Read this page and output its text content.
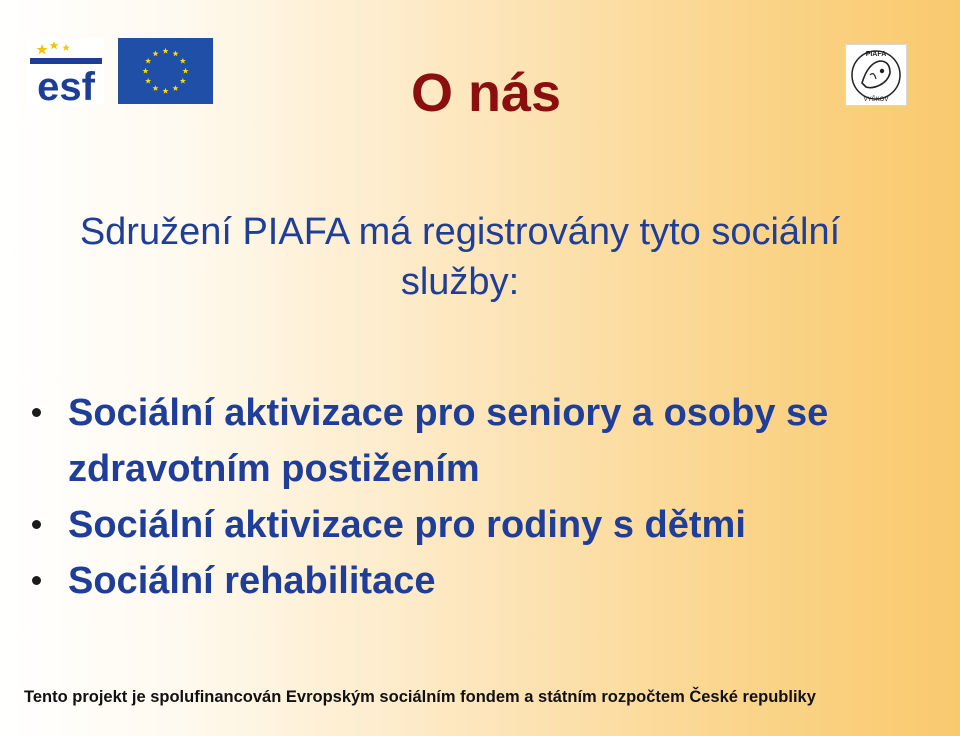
esf
PIAFA
VYŠKOV
O nás
Sdružení PIAFA má registrovány tyto sociální služby:
Sociální aktivizace pro seniory a osoby se zdravotním postižením
Sociální aktivizace pro rodiny s dětmi
Sociální rehabilitace
Tento projekt je spolufinancován Evropským sociálním fondem a státním rozpočtem České republiky
